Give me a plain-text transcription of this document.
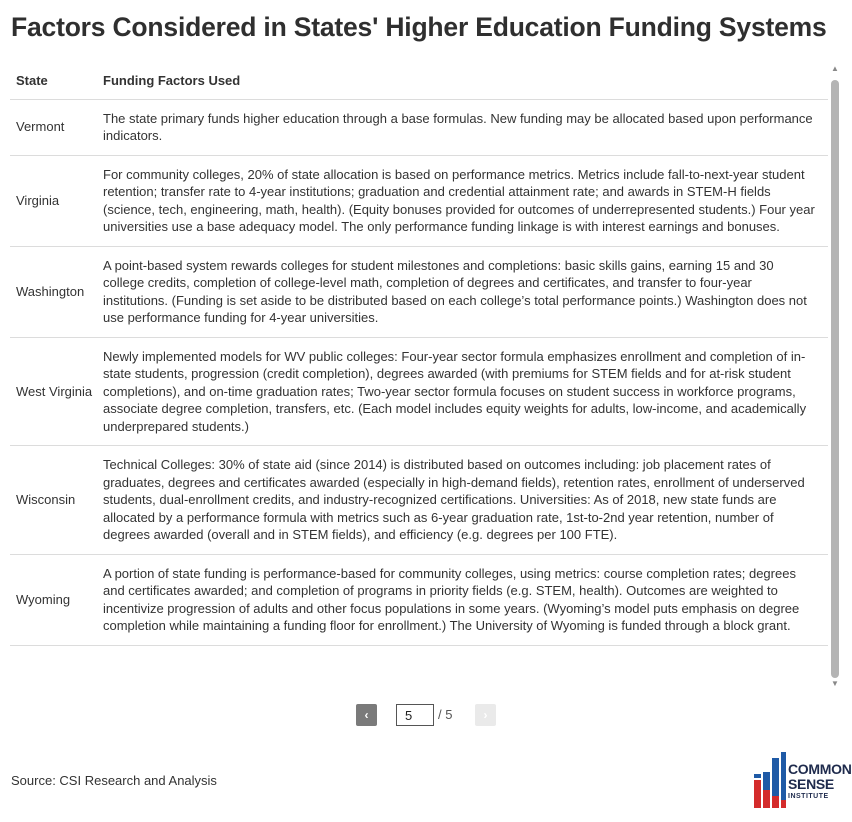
Factors Considered in States' Higher Education Funding Systems
State	Funding Factors Used
Vermont	The state primary funds higher education through a base formulas. New funding may be allocated based upon performance indicators.
Virginia	For community colleges, 20% of state allocation is based on performance metrics. Metrics include fall-to-next-year student retention; transfer rate to 4-year institutions; graduation and credential attainment rate; and awards in STEM-H fields (science, tech, engineering, math, health). (Equity bonuses provided for outcomes of underrepresented students.) Four year universities use a base adequacy model. The only performance funding linkage is with interest earnings and bonuses.
Washington	A point-based system rewards colleges for student milestones and completions: basic skills gains, earning 15 and 30 college credits, completion of college-level math, completion of degrees and certificates, and transfer to four-year institutions. (Funding is set aside to be distributed based on each college’s total performance points.) Washington does not use performance funding for 4-year universities.
West Virginia	Newly implemented models for WV public colleges: Four-year sector formula emphasizes enrollment and completion of in-state students, progression (credit completion), degrees awarded (with premiums for STEM fields and for at-risk student completions), and on-time graduation rates; Two-year sector formula focuses on student success in workforce programs, associate degree completion, transfers, etc. (Each model includes equity weights for adults, low-income, and academically underprepared students.)
Wisconsin	Technical Colleges: 30% of state aid (since 2014) is distributed based on outcomes including: job placement rates of graduates, degrees and certificates awarded (especially in high-demand fields), retention rates, enrollment of underserved students, dual-enrollment credits, and industry-recognized certifications. Universities: As of 2018, new state funds are allocated by a performance formula with metrics such as 6-year graduation rate, 1st-to-2nd year retention, number of degrees awarded (overall and in STEM fields), and efficiency (e.g. degrees per 100 FTE).
Wyoming	A portion of state funding is performance-based for community colleges, using metrics: course completion rates; degrees and certificates awarded; and completion of programs in priority fields (e.g. STEM, health). Outcomes are weighted to incentivize progression of adults and other focus populations in some years. (Wyoming’s model puts emphasis on degree completion while maintaining a funding floor for enrollment.) The University of Wyoming is funded through a block grant.
▲
▼
‹
5	/ 5	›
Source: CSI Research and Analysis
COMMON
SENSE
INSTITUTE
